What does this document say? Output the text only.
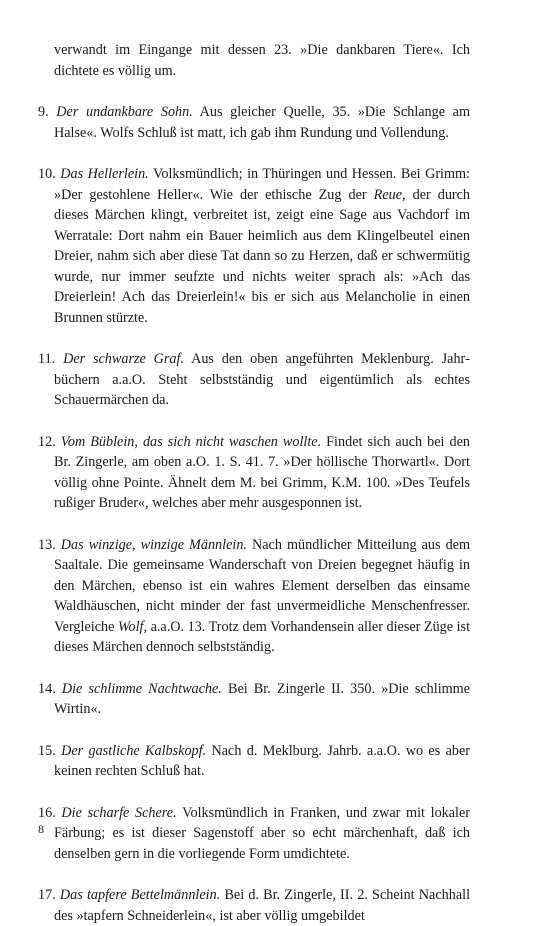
verwandt im Eingange mit dessen 23. »Die dankbaren Tiere«. Ich dichtete es völlig um.

9. Der undankbare Sohn. Aus gleicher Quelle, 35. »Die Schlange am Halse«. Wolfs Schluß ist matt, ich gab ihm Rundung und Vollendung.

10. Das Hellerlein. Volksmündlich; in Thüringen und Hessen. Bei Grimm: »Der gestohlene Heller«. Wie der ethische Zug der Reue, der durch dieses Märchen klingt, verbreitet ist, zeigt eine Sage aus Vachdorf im Werratale: Dort nahm ein Bauer heimlich aus dem Klingelbeutel einen Dreier, nahm sich aber diese Tat dann so zu Herzen, daß er schwermütig wurde, nur immer seufzte und nichts weiter sprach als: »Ach das Dreierlein! Ach das Dreierlein!« bis er sich aus Melancholie in einen Brunnen stürzte.

11. Der schwarze Graf. Aus den oben angeführten Meklenburg. Jahrbüchern a.a.O. Steht selbstständig und eigentümlich als echtes Schauermärchen da.

12. Vom Büblein, das sich nicht waschen wollte. Findet sich auch bei den Br. Zingerle, am oben a.O. 1. S. 41. 7. »Der höllische Thorwartl«. Dort völlig ohne Pointe. Ähnelt dem M. bei Grimm, K.M. 100. »Des Teufels rußiger Bruder«, welches aber mehr ausgesponnen ist.

13. Das winzige, winzige Männlein. Nach mündlicher Mitteilung aus dem Saaltale. Die gemeinsame Wanderschaft von Dreien begegnet häufig in den Märchen, ebenso ist ein wahres Element derselben das einsame Waldhäuschen, nicht minder der fast unvermeidliche Menschenfresser. Vergleiche Wolf, a.a.O. 13. Trotz dem Vorhandensein aller dieser Züge ist dieses Märchen dennoch selbstständig.

14. Die schlimme Nachtwache. Bei Br. Zingerle II. 350. »Die schlimme Wirtin«.

15. Der gastliche Kalbskopf. Nach d. Meklburg. Jahrb. a.a.O. wo es aber keinen rechten Schluß hat.

16. Die scharfe Schere. Volksmündlich in Franken, und zwar mit lokaler Färbung; es ist dieser Sagenstoff aber so echt märchenhaft, daß ich denselben gern in die vorliegende Form umdichtete.

17. Das tapfere Bettelmännlein. Bei d. Br. Zingerle, II. 2. Scheint Nachhall des »tapfern Schneiderlein«, ist aber völlig umgebildet

8
